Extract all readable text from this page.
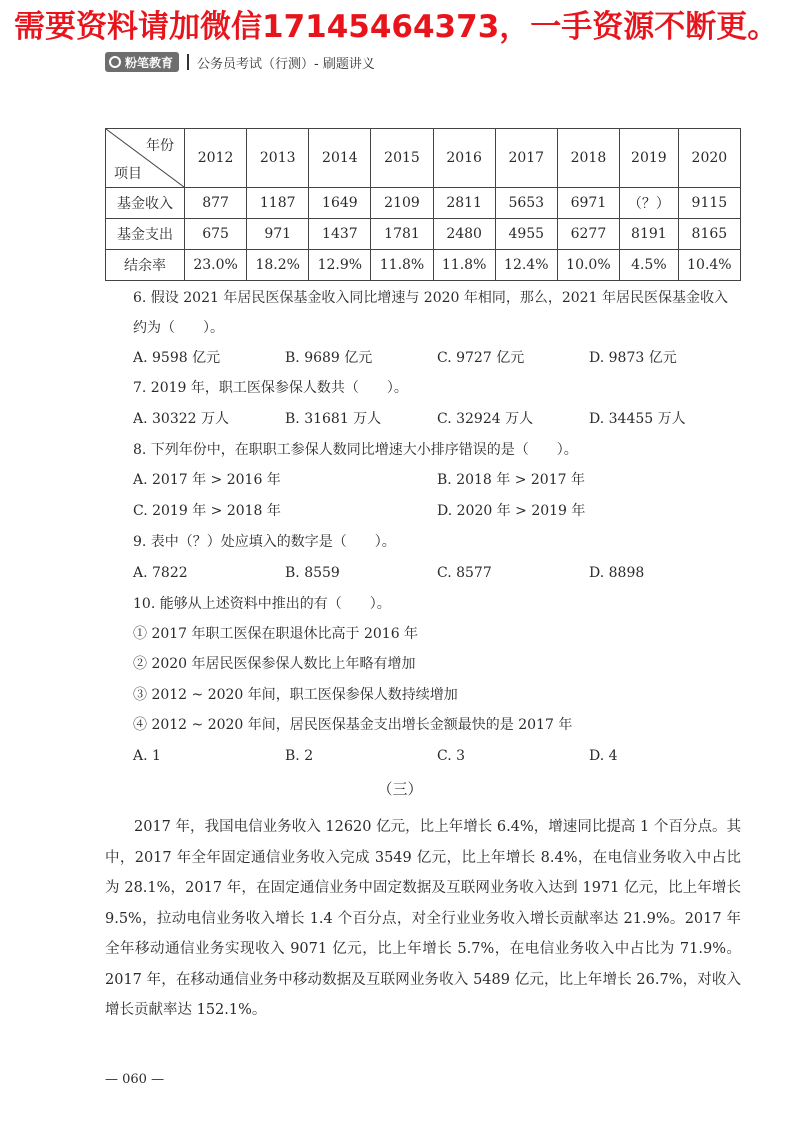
需要资料请加微信17145464373，一手资源不断更。
粉笔教育 公务员考试（行测）- 刷题讲义
年份
项目	2012	2013	2014	2015	2016	2017	2018	2019	2020
基金收入	877	1187	1649	2109	2811	5653	6971	（？）	9115
基金支出	675	971	1437	1781	2480	4955	6277	8191	8165
结余率	23.0%	18.2%	12.9%	11.8%	11.8%	12.4%	10.0%	4.5%	10.4%
6. 假设 2021 年居民医保基金收入同比增速与 2020 年相同，那么，2021 年居民医保基金收入约为（　　）。
A. 9598 亿元	B. 9689 亿元	C. 9727 亿元	D. 9873 亿元
7. 2019 年，职工医保参保人数共（　　）。
A. 30322 万人	B. 31681 万人	C. 32924 万人	D. 34455 万人
8. 下列年份中，在职职工参保人数同比增速大小排序错误的是（　　）。
A. 2017 年 > 2016 年	B. 2018 年 > 2017 年
C. 2019 年 > 2018 年	D. 2020 年 > 2019 年
9. 表中（？）处应填入的数字是（　　）。
A. 7822	B. 8559	C. 8577	D. 8898
10. 能够从上述资料中推出的有（　　）。
① 2017 年职工医保在职退休比高于 2016 年
② 2020 年居民医保参保人数比上年略有增加
③ 2012 ~ 2020 年间，职工医保参保人数持续增加
④ 2012 ~ 2020 年间，居民医保基金支出增长金额最快的是 2017 年
A. 1	B. 2	C. 3	D. 4
（三）
2017 年，我国电信业务收入 12620 亿元，比上年增长 6.4%，增速同比提高 1 个百分点。其中，2017 年全年固定通信业务收入完成 3549 亿元，比上年增长 8.4%，在电信业务收入中占比为 28.1%，2017 年，在固定通信业务中固定数据及互联网业务收入达到 1971 亿元，比上年增长 9.5%，拉动电信业务收入增长 1.4 个百分点，对全行业业务收入增长贡献率达 21.9%。2017 年全年移动通信业务实现收入 9071 亿元，比上年增长 5.7%，在电信业务收入中占比为 71.9%。2017 年，在移动通信业务中移动数据及互联网业务收入 5489 亿元，比上年增长 26.7%，对收入增长贡献率达 152.1%。
— 060 —
